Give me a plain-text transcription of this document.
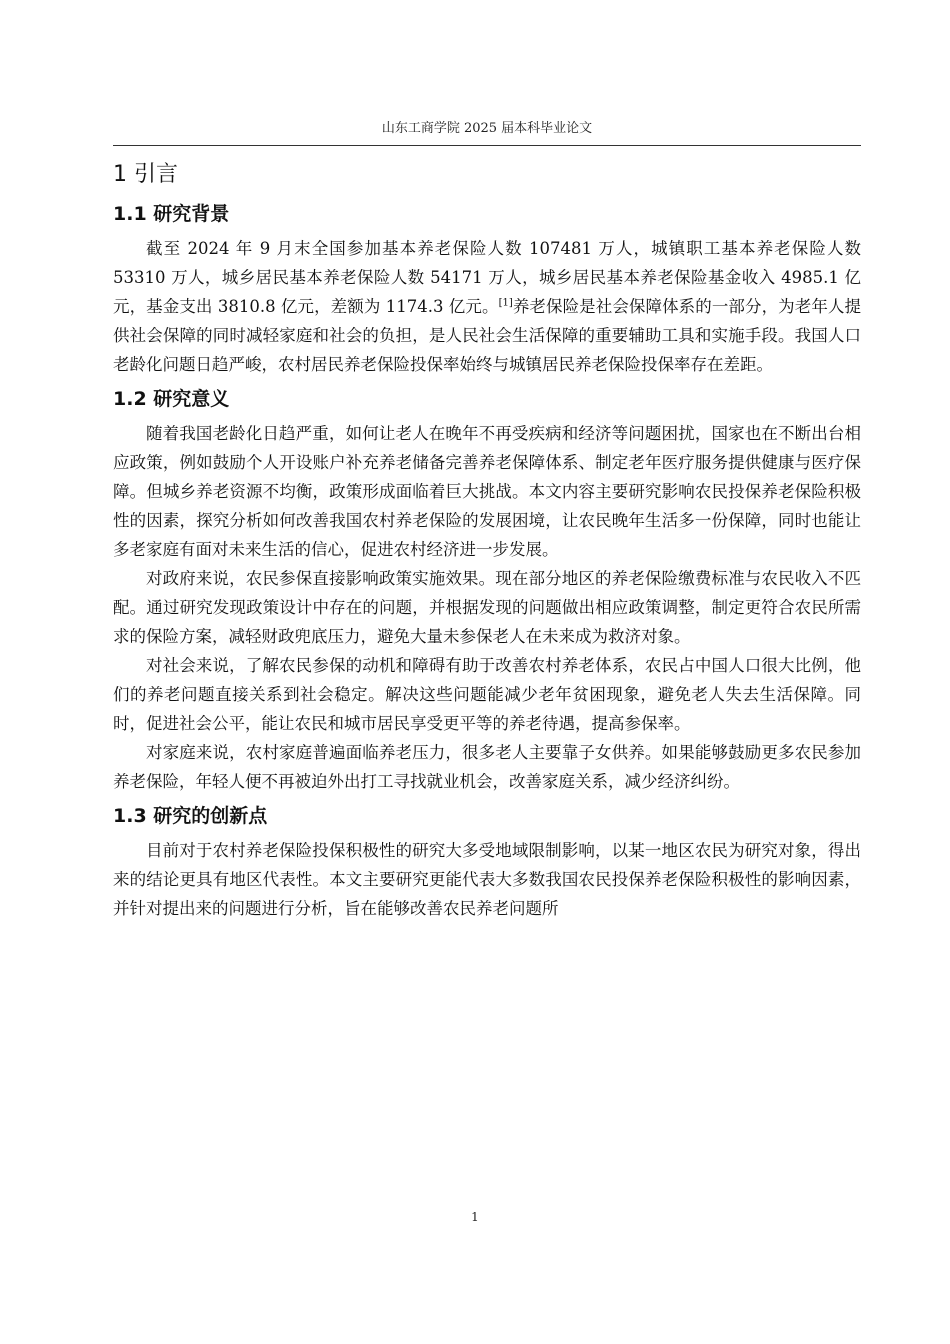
山东工商学院 2025 届本科毕业论文
1 引言
1.1 研究背景

截至 2024 年 9 月末全国参加基本养老保险人数 107481 万人，城镇职工基本养老保险人数 53310 万人，城乡居民基本养老保险人数 54171 万人，城乡居民基本养老保险基金收入 4985.1 亿元，基金支出 3810.8 亿元，差额为 1174.3 亿元。[1]养老保险是社会保障体系的一部分，为老年人提供社会保障的同时减轻家庭和社会的负担，是人民社会生活保障的重要辅助工具和实施手段。我国人口老龄化问题日趋严峻，农村居民养老保险投保率始终与城镇居民养老保险投保率存在差距。

1.2 研究意义

随着我国老龄化日趋严重，如何让老人在晚年不再受疾病和经济等问题困扰，国家也在不断出台相应政策，例如鼓励个人开设账户补充养老储备完善养老保障体系、制定老年医疗服务提供健康与医疗保障。但城乡养老资源不均衡，政策形成面临着巨大挑战。本文内容主要研究影响农民投保养老保险积极性的因素，探究分析如何改善我国农村养老保险的发展困境，让农民晚年生活多一份保障，同时也能让多老家庭有面对未来生活的信心，促进农村经济进一步发展。

对政府来说，农民参保直接影响政策实施效果。现在部分地区的养老保险缴费标准与农民收入不匹配。通过研究发现政策设计中存在的问题，并根据发现的问题做出相应政策调整，制定更符合农民所需求的保险方案，减轻财政兜底压力，避免大量未参保老人在未来成为救济对象。

对社会来说，了解农民参保的动机和障碍有助于改善农村养老体系，农民占中国人口很大比例，他们的养老问题直接关系到社会稳定。解决这些问题能减少老年贫困现象，避免老人失去生活保障。同时，促进社会公平，能让农民和城市居民享受更平等的养老待遇，提高参保率。

对家庭来说，农村家庭普遍面临养老压力，很多老人主要靠子女供养。如果能够鼓励更多农民参加养老保险，年轻人便不再被迫外出打工寻找就业机会，改善家庭关系，减少经济纠纷。

1.3 研究的创新点

目前对于农村养老保险投保积极性的研究大多受地域限制影响，以某一地区农民为研究对象，得出来的结论更具有地区代表性。本文主要研究更能代表大多数我国农民投保养老保险积极性的影响因素，并针对提出来的问题进行分析，旨在能够改善农民养老问题所

1
